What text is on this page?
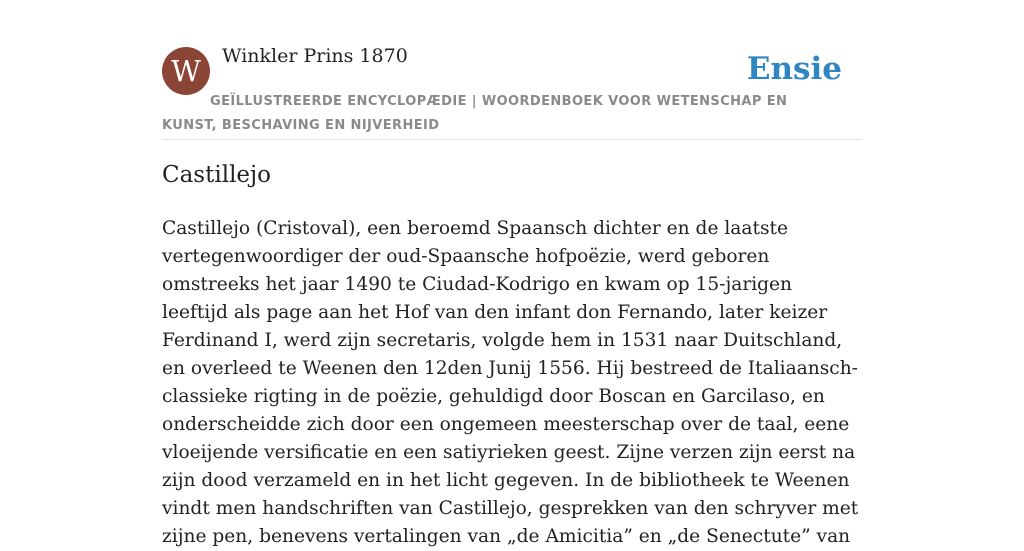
W	Winkler Prins 1870	Ensie
GEÏLLUSTREERDE ENCYCLOPÆDIE | WOORDENBOEK VOOR WETENSCHAP EN KUNST, BESCHAVING EN NIJVERHEID
Castillejo

Castillejo (Cristoval), een beroemd Spaansch dichter en de laatste vertegenwoordiger der oud-Spaansche hofpoëzie, werd geboren omstreeks het jaar 1490 te Ciudad-Kodrigo en kwam op 15-jarigen leeftijd als page aan het Hof van den infant don Fernando, later keizer Ferdinand I, werd zijn secretaris, volgde hem in 1531 naar Duitschland, en overleed te Weenen den 12den Junij 1556. Hij bestreed de Italiaansch-classieke rigting in de poëzie, gehuldigd door Boscan en Garcilaso, en onderscheidde zich door een ongemeen meesterschap over de taal, eene vloeijende versificatie en een satiyrieken geest. Zijne verzen zijn eerst na zijn dood verzameld en in het licht gegeven. In de bibliotheek te Weenen vindt men handschriften van Castillejo, gesprekken van den schryver met zijne pen, benevens vertalingen van „de Amicitia” en „de Senectute” van
